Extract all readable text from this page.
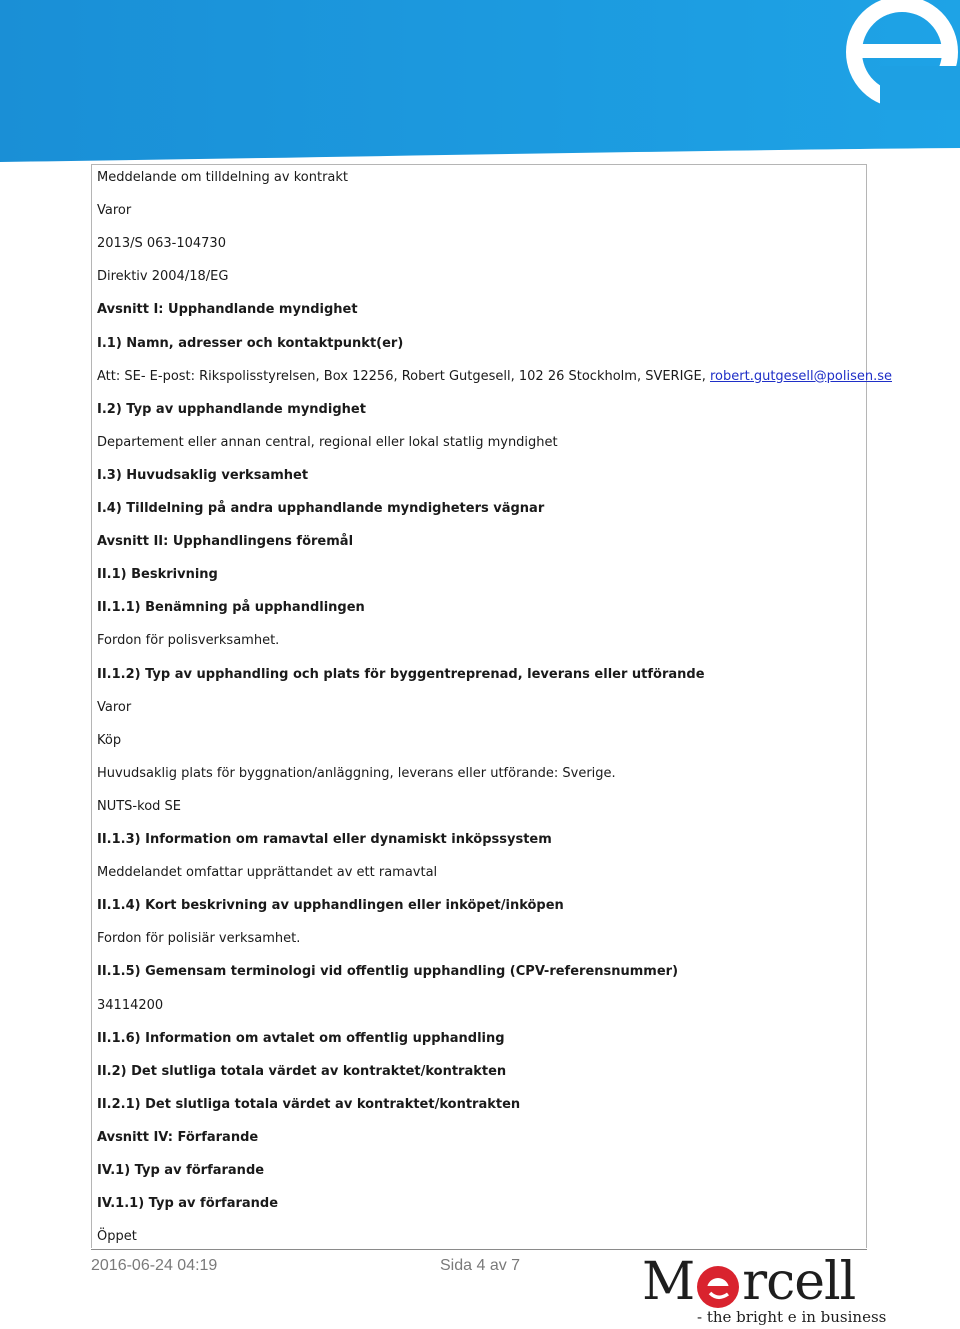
Meddelande om tilldelning av kontrakt
Varor
2013/S 063-104730
Direktiv 2004/18/EG
Avsnitt I: Upphandlande myndighet
I.1) Namn, adresser och kontaktpunkt(er)
Att: SE- E-post: Rikspolisstyrelsen, Box 12256, Robert Gutgesell, 102 26 Stockholm, SVERIGE, robert.gutgesell@polisen.se
I.2) Typ av upphandlande myndighet
Departement eller annan central, regional eller lokal statlig myndighet
I.3) Huvudsaklig verksamhet
I.4) Tilldelning på andra upphandlande myndigheters vägnar
Avsnitt II: Upphandlingens föremål
II.1) Beskrivning
II.1.1) Benämning på upphandlingen
Fordon för polisverksamhet.
II.1.2) Typ av upphandling och plats för byggentreprenad, leverans eller utförande
Varor
Köp
Huvudsaklig plats för byggnation/anläggning, leverans eller utförande: Sverige.
NUTS-kod SE
II.1.3) Information om ramavtal eller dynamiskt inköpssystem
Meddelandet omfattar upprättandet av ett ramavtal
II.1.4) Kort beskrivning av upphandlingen eller inköpet/inköpen
Fordon för polisiär verksamhet.
II.1.5) Gemensam terminologi vid offentlig upphandling (CPV-referensnummer)
34114200
II.1.6) Information om avtalet om offentlig upphandling
II.2) Det slutliga totala värdet av kontraktet/kontrakten
II.2.1) Det slutliga totala värdet av kontraktet/kontrakten
Avsnitt IV: Förfarande
IV.1) Typ av förfarande
IV.1.1) Typ av förfarande
Öppet
2016-06-24 04:19	Sida 4 av 7 M rcell
- the bright e in business
